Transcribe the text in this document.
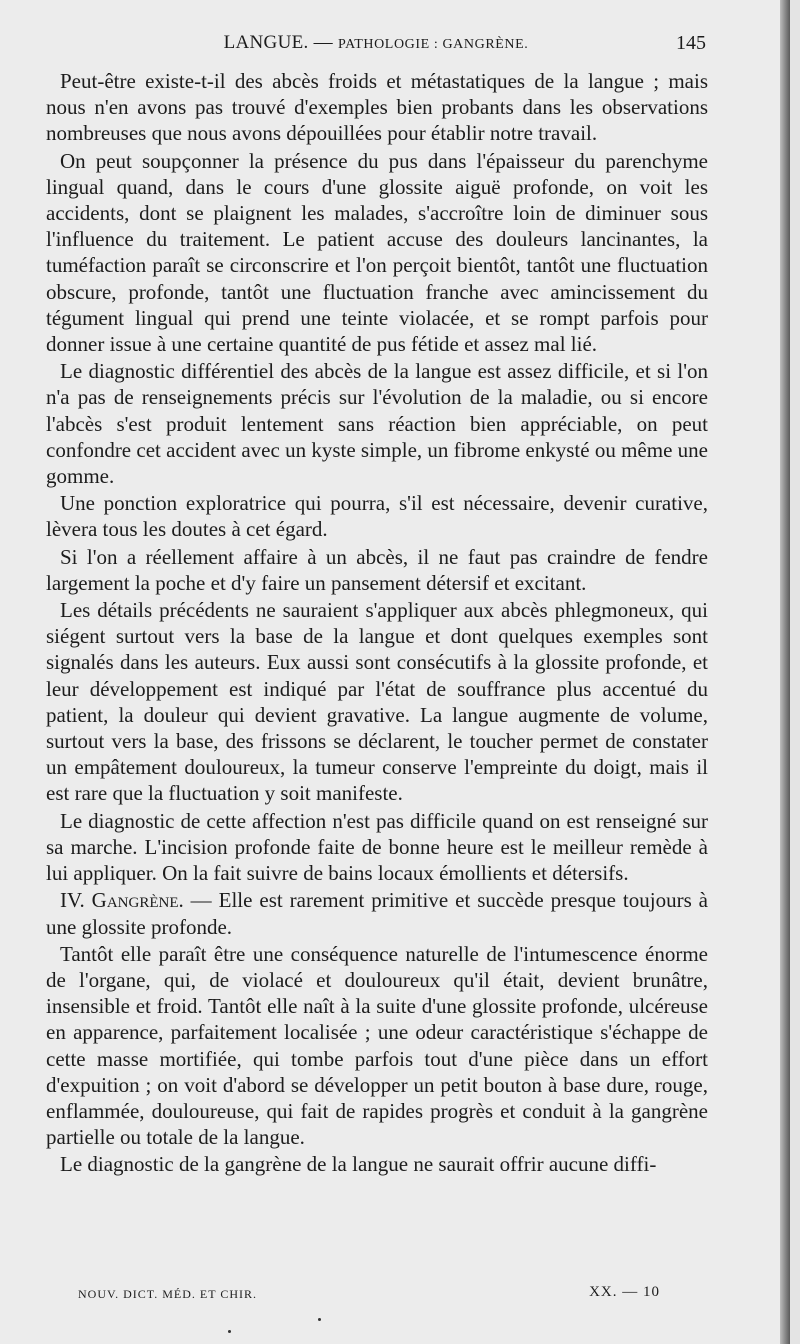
LANGUE. — PATHOLOGIE : GANGRÈNE.	145

Peut-être existe-t-il des abcès froids et métastatiques de la langue ; mais nous n'en avons pas trouvé d'exemples bien probants dans les observations nombreuses que nous avons dépouillées pour établir notre travail.

On peut soupçonner la présence du pus dans l'épaisseur du parenchyme lingual quand, dans le cours d'une glossite aiguë profonde, on voit les accidents, dont se plaignent les malades, s'accroître loin de diminuer sous l'influence du traitement. Le patient accuse des douleurs lancinantes, la tuméfaction paraît se circonscrire et l'on perçoit bientôt, tantôt une fluctuation obscure, profonde, tantôt une fluctuation franche avec amincissement du tégument lingual qui prend une teinte violacée, et se rompt parfois pour donner issue à une certaine quantité de pus fétide et assez mal lié.

Le diagnostic différentiel des abcès de la langue est assez difficile, et si l'on n'a pas de renseignements précis sur l'évolution de la maladie, ou si encore l'abcès s'est produit lentement sans réaction bien appréciable, on peut confondre cet accident avec un kyste simple, un fibrome enkysté ou même une gomme.

Une ponction exploratrice qui pourra, s'il est nécessaire, devenir curative, lèvera tous les doutes à cet égard.

Si l'on a réellement affaire à un abcès, il ne faut pas craindre de fendre largement la poche et d'y faire un pansement détersif et excitant.

Les détails précédents ne sauraient s'appliquer aux abcès phlegmoneux, qui siégent surtout vers la base de la langue et dont quelques exemples sont signalés dans les auteurs. Eux aussi sont consécutifs à la glossite profonde, et leur développement est indiqué par l'état de souffrance plus accentué du patient, la douleur qui devient gravative. La langue augmente de volume, surtout vers la base, des frissons se déclarent, le toucher permet de constater un empâtement douloureux, la tumeur conserve l'empreinte du doigt, mais il est rare que la fluctuation y soit manifeste.

Le diagnostic de cette affection n'est pas difficile quand on est renseigné sur sa marche. L'incision profonde faite de bonne heure est le meilleur remède à lui appliquer. On la fait suivre de bains locaux émollients et détersifs.

IV. Gangrène. — Elle est rarement primitive et succède presque toujours à une glossite profonde.

Tantôt elle paraît être une conséquence naturelle de l'intumescence énorme de l'organe, qui, de violacé et douloureux qu'il était, devient brunâtre, insensible et froid. Tantôt elle naît à la suite d'une glossite profonde, ulcéreuse en apparence, parfaitement localisée ; une odeur caractéristique s'échappe de cette masse mortifiée, qui tombe parfois tout d'une pièce dans un effort d'expuition ; on voit d'abord se développer un petit bouton à base dure, rouge, enflammée, douloureuse, qui fait de rapides progrès et conduit à la gangrène partielle ou totale de la langue.

Le diagnostic de la gangrène de la langue ne saurait offrir aucune diffi-

NOUV. DICT. MÉD. ET CHIR.	XX. — 10
